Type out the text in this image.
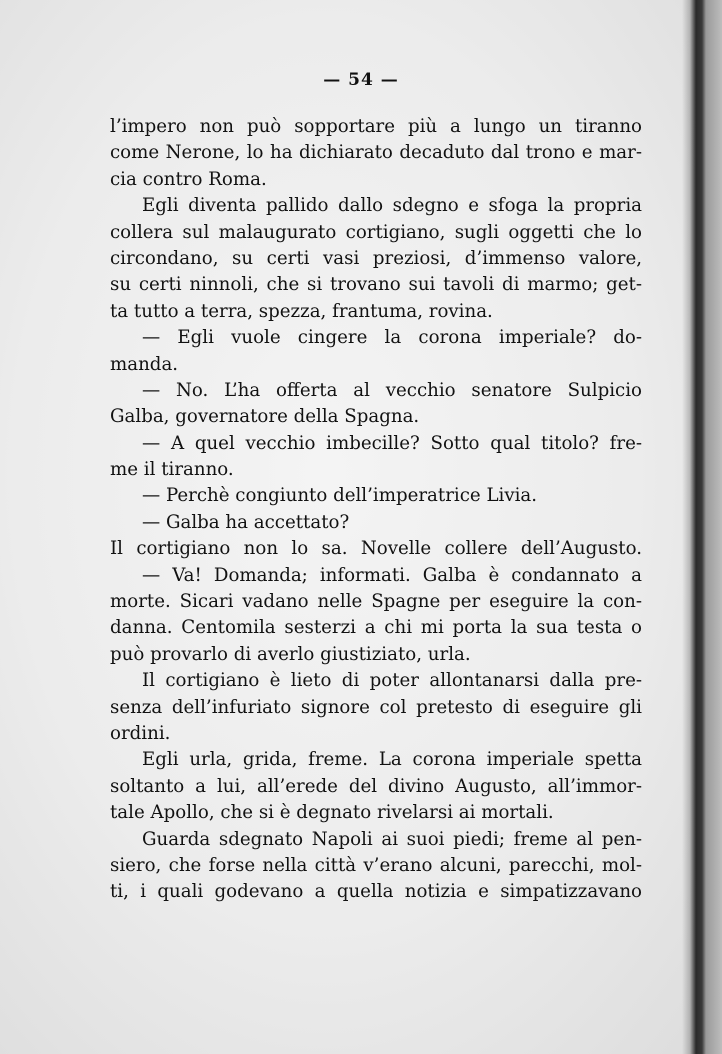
— 54 —
l’impero non può sopportare più a lungo un tiranno
come Nerone, lo ha dichiarato decaduto dal trono e mar-
cia contro Roma.
Egli diventa pallido dallo sdegno e sfoga la propria
collera sul malaugurato cortigiano, sugli oggetti che lo
circondano, su certi vasi preziosi, d’immenso valore,
su certi ninnoli, che si trovano sui tavoli di marmo; get-
ta tutto a terra, spezza, frantuma, rovina.
— Egli vuole cingere la corona imperiale? do-
manda.
— No. L’ha offerta al vecchio senatore Sulpicio
Galba, governatore della Spagna.
— A quel vecchio imbecille? Sotto qual titolo? fre-
me il tiranno.
— Perchè congiunto dell’imperatrice Livia.
— Galba ha accettato?
Il cortigiano non lo sa. Novelle collere dell’Augusto.
— Va! Domanda; informati. Galba è condannato a
morte. Sicari vadano nelle Spagne per eseguire la con-
danna. Centomila sesterzi a chi mi porta la sua testa o
può provarlo di averlo giustiziato, urla.
Il cortigiano è lieto di poter allontanarsi dalla pre-
senza dell’infuriato signore col pretesto di eseguire gli
ordini.
Egli urla, grida, freme. La corona imperiale spetta
soltanto a lui, all’erede del divino Augusto, all’immor-
tale Apollo, che si è degnato rivelarsi ai mortali.
Guarda sdegnato Napoli ai suoi piedi; freme al pen-
siero, che forse nella città v’erano alcuni, parecchi, mol-
ti, i quali godevano a quella notizia e simpatizzavano
